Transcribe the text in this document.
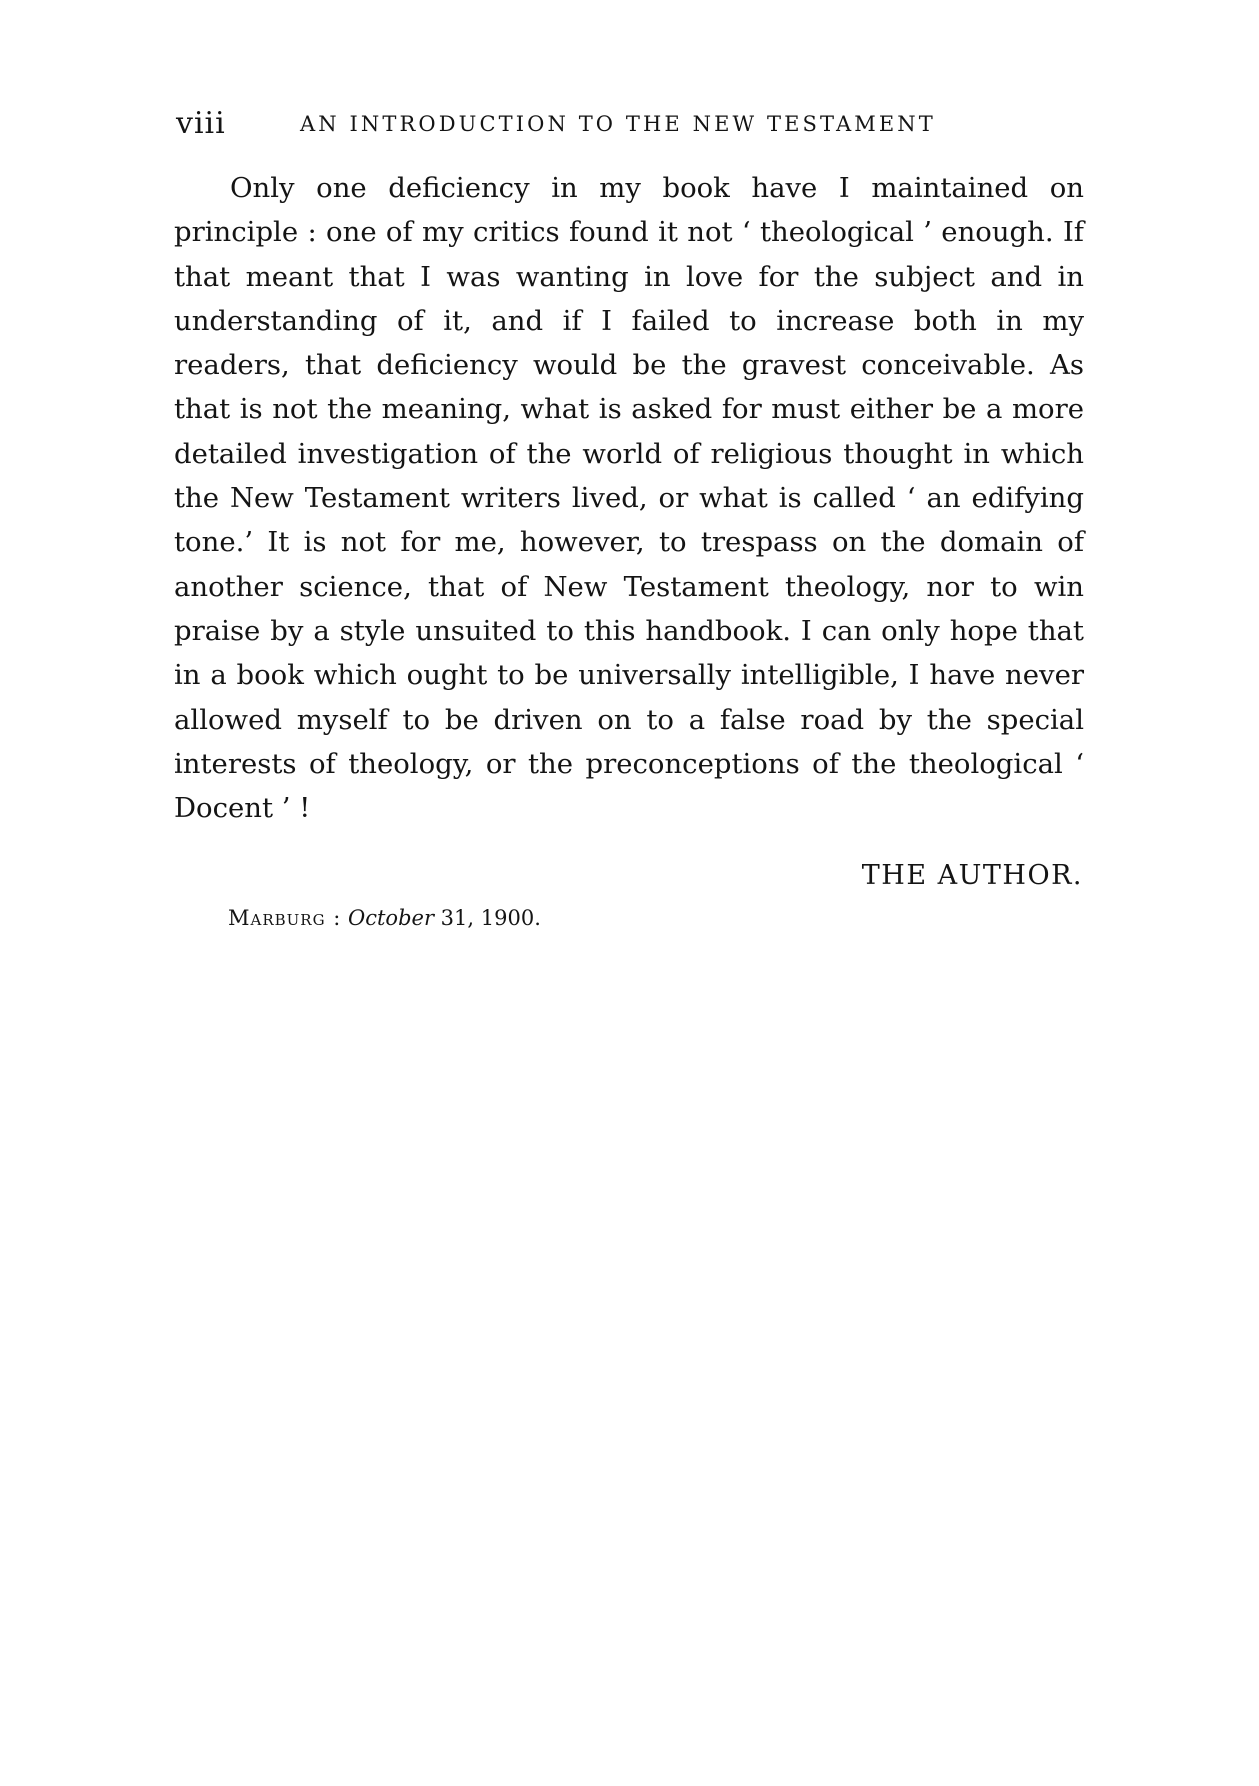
viii	AN INTRODUCTION TO THE NEW TESTAMENT

Only one deficiency in my book have I maintained on principle : one of my critics found it not ‘ theological ’ enough. If that meant that I was wanting in love for the subject and in understanding of it, and if I failed to increase both in my readers, that deficiency would be the gravest conceivable. As that is not the meaning, what is asked for must either be a more detailed investigation of the world of religious thought in which the New Testament writers lived, or what is called ‘ an edifying tone.’ It is not for me, however, to trespass on the domain of another science, that of New Testament theology, nor to win praise by a style unsuited to this handbook. I can only hope that in a book which ought to be universally intelligible, I have never allowed myself to be driven on to a false road by the special interests of theology, or the preconceptions of the theological ‘ Docent ’ !

THE AUTHOR.
Marburg : October 31, 1900.
